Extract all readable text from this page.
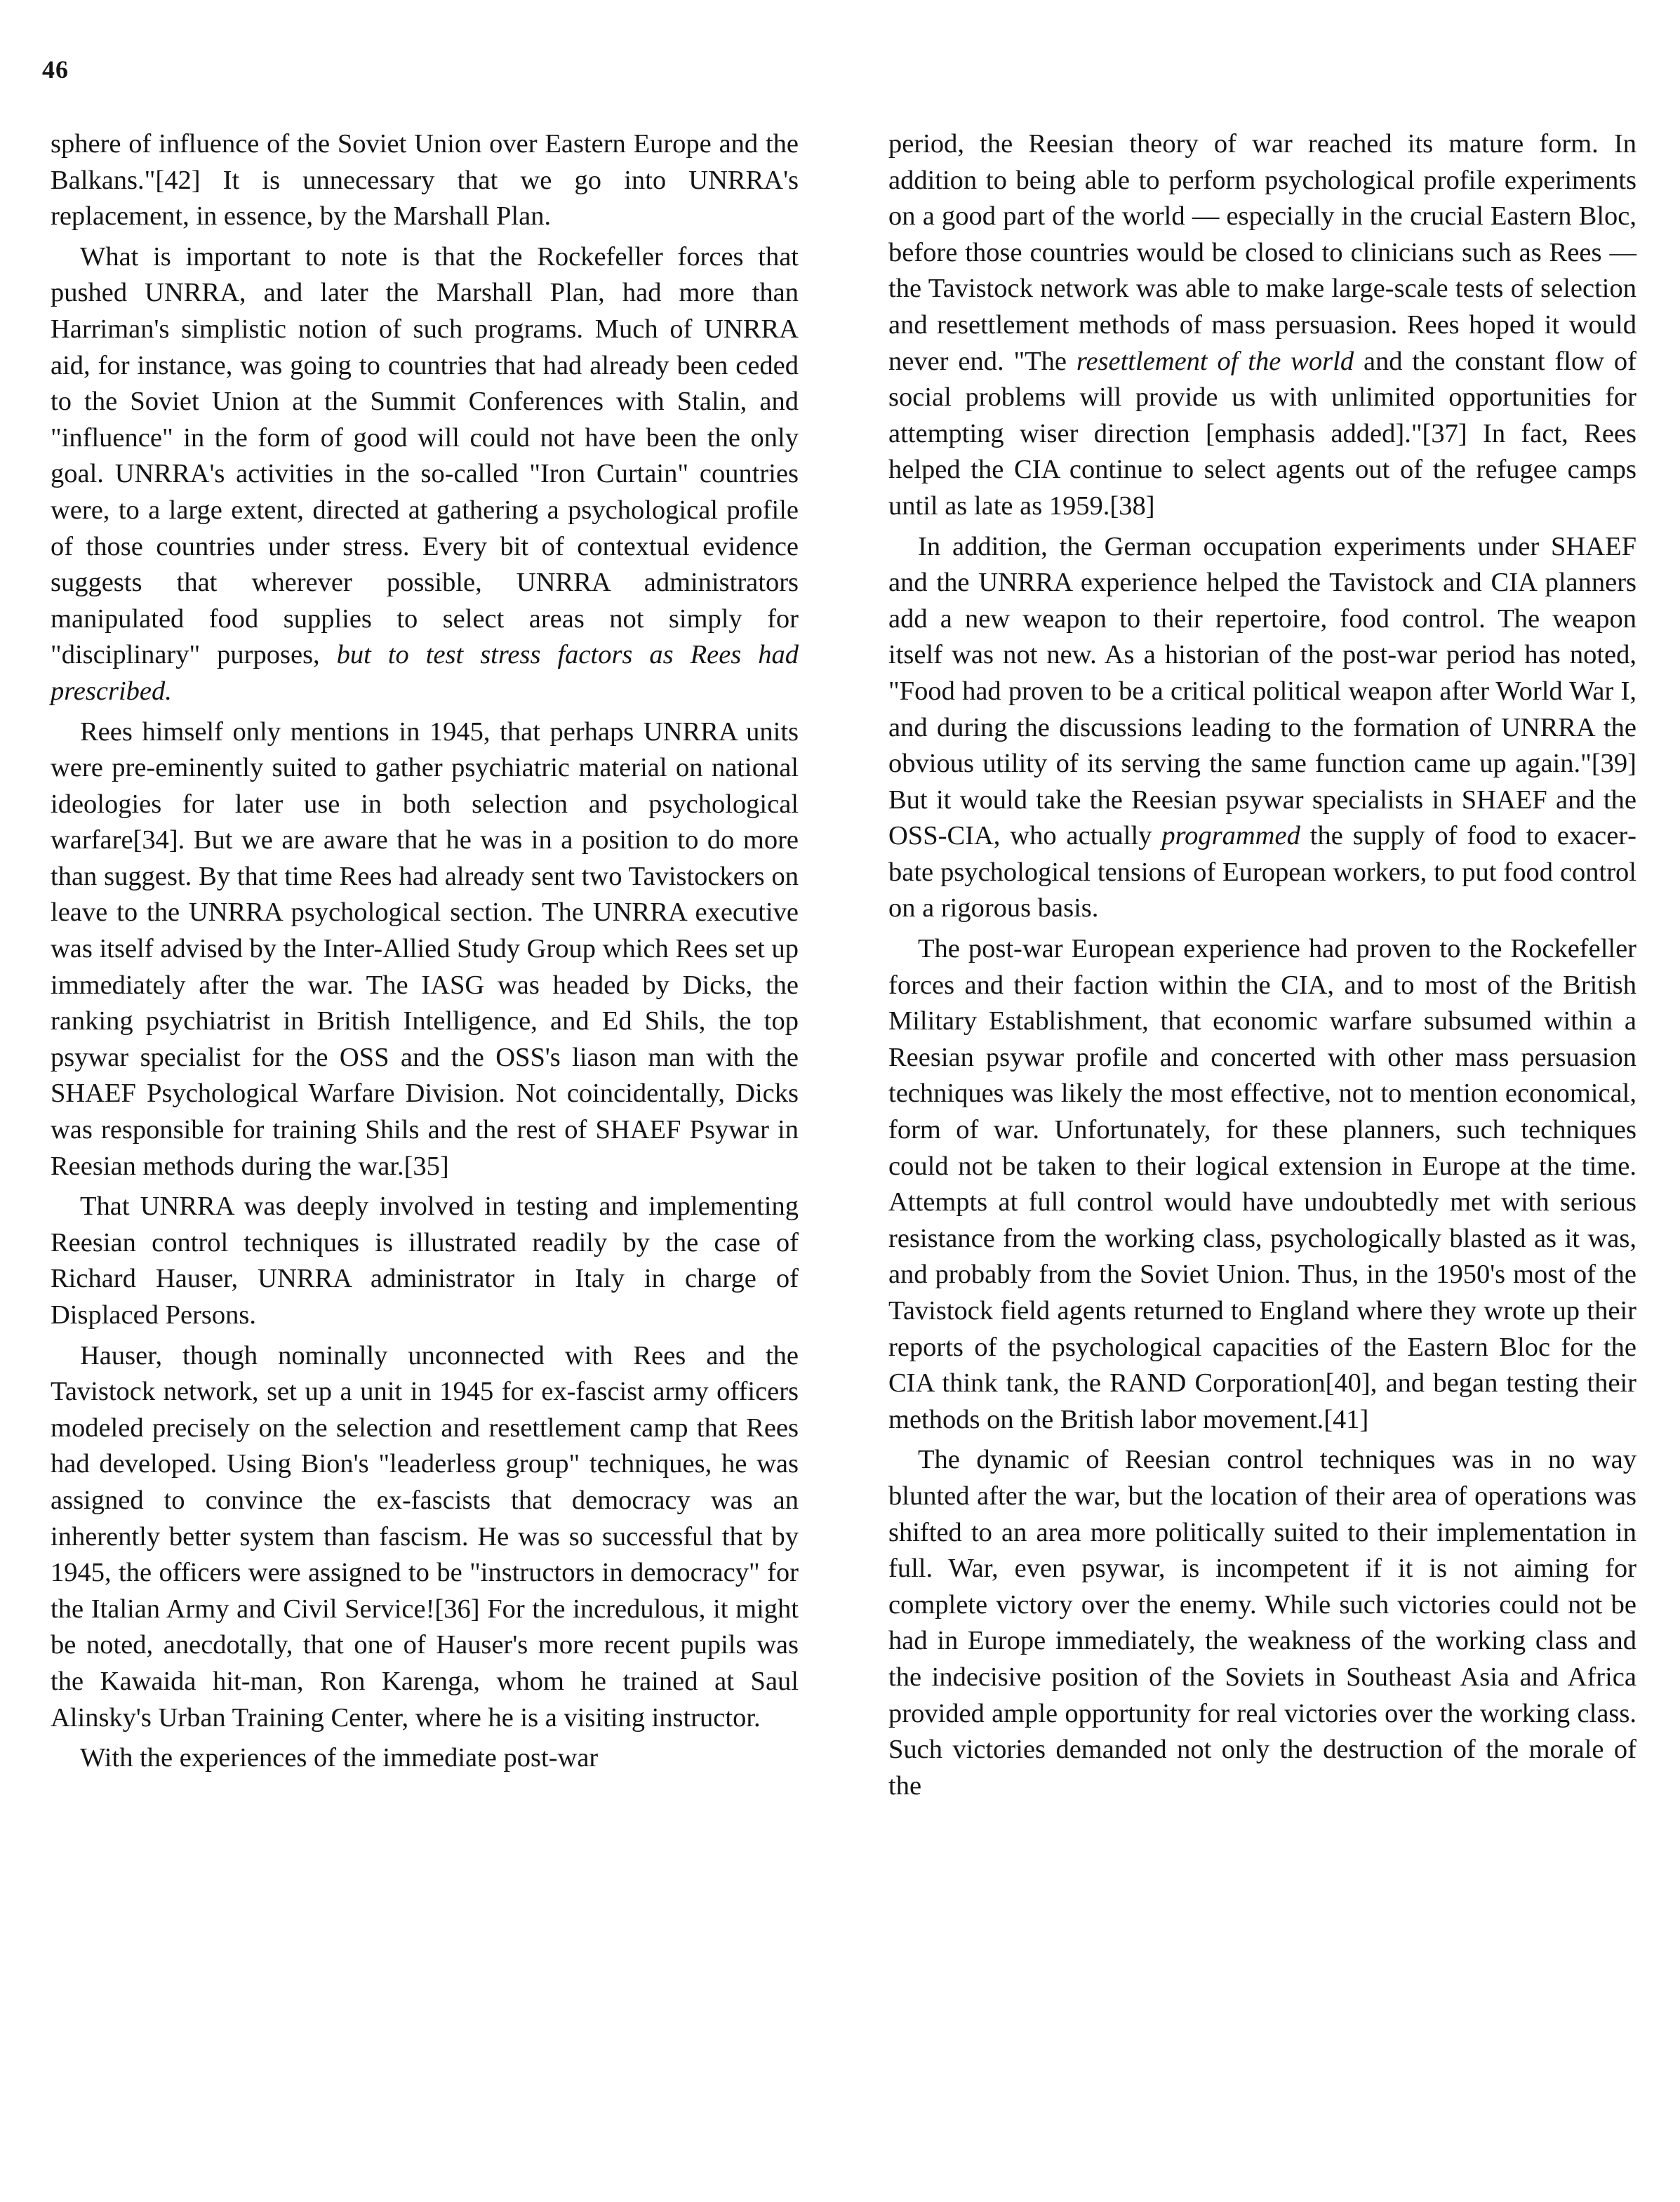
46

sphere of influence of the Soviet Union over Eastern Europe and the Balkans."[42] It is unnecessary that we go into UNRRA's replacement, in essence, by the Marshall Plan.

What is important to note is that the Rockefeller forces that pushed UNRRA, and later the Marshall Plan, had more than Harriman's simplistic notion of such programs. Much of UNRRA aid, for instance, was going to countries that had already been ceded to the Soviet Union at the Summit Conferences with Stalin, and "influence" in the form of good will could not have been the only goal. UNRRA's activities in the so-called "Iron Curtain" countries were, to a large extent, directed at gathering a psychological profile of those countries under stress. Every bit of contextual evidence suggests that wherever possible, UNRRA administrators manipulated food supplies to select areas not simply for "disciplinary" purposes, but to test stress factors as Rees had prescribed.

Rees himself only mentions in 1945, that perhaps UNRRA units were pre-eminently suited to gather psychiatric material on national ideologies for later use in both selection and psychological warfare[34]. But we are aware that he was in a position to do more than suggest. By that time Rees had already sent two Tavistockers on leave to the UNRRA psychological section. The UNRRA executive was itself advised by the Inter-Allied Study Group which Rees set up immediately after the war. The IASG was headed by Dicks, the ranking psychiatrist in British Intelligence, and Ed Shils, the top psywar specialist for the OSS and the OSS's liason man with the SHAEF Psychological Warfare Division. Not coincidentally, Dicks was responsible for training Shils and the rest of SHAEF Psywar in Reesian methods during the war.[35]

That UNRRA was deeply involved in testing and implementing Reesian control techniques is illustrated readily by the case of Richard Hauser, UNRRA administrator in Italy in charge of Displaced Persons.

Hauser, though nominally unconnected with Rees and the Tavistock network, set up a unit in 1945 for ex-fascist army officers modeled precisely on the selection and resettlement camp that Rees had developed. Using Bion's "leaderless group" techniques, he was assigned to convince the ex-fascists that democracy was an inherently better system than fascism. He was so successful that by 1945, the officers were assigned to be "instructors in democracy" for the Italian Army and Civil Service![36] For the incredulous, it might be noted, anecdotally, that one of Hauser's more recent pupils was the Kawaida hit-man, Ron Karenga, whom he trained at Saul Alinsky's Urban Training Center, where he is a visiting instructor.

With the experiences of the immediate post-war

period, the Reesian theory of war reached its mature form. In addition to being able to perform psychological profile experiments on a good part of the world — especially in the crucial Eastern Bloc, before those countries would be closed to clinicians such as Rees — the Tavistock network was able to make large-scale tests of selection and resettlement methods of mass persuasion. Rees hoped it would never end. "The resettlement of the world and the constant flow of social problems will provide us with unlimited opportunities for attempting wiser direction [emphasis added]."[37] In fact, Rees helped the CIA continue to select agents out of the refugee camps until as late as 1959.[38]

In addition, the German occupation experiments under SHAEF and the UNRRA experience helped the Tavistock and CIA planners add a new weapon to their repertoire, food control. The weapon itself was not new. As a historian of the post-war period has noted, "Food had proven to be a critical political weapon after World War I, and during the discussions leading to the formation of UNRRA the obvious utility of its serving the same function came up again."[39] But it would take the Reesian psywar specialists in SHAEF and the OSS-CIA, who actually programmed the supply of food to exacerbate psychological tensions of European workers, to put food control on a rigorous basis.

The post-war European experience had proven to the Rockefeller forces and their faction within the CIA, and to most of the British Military Establishment, that economic warfare subsumed within a Reesian psywar profile and concerted with other mass persuasion techniques was likely the most effective, not to mention economical, form of war. Unfortunately, for these planners, such techniques could not be taken to their logical extension in Europe at the time. Attempts at full control would have undoubtedly met with serious resistance from the working class, psychologically blasted as it was, and probably from the Soviet Union. Thus, in the 1950's most of the Tavistock field agents returned to England where they wrote up their reports of the psychological capacities of the Eastern Bloc for the CIA think tank, the RAND Corporation[40], and began testing their methods on the British labor movement.[41]

The dynamic of Reesian control techniques was in no way blunted after the war, but the location of their area of operations was shifted to an area more politically suited to their implementation in full. War, even psywar, is incompetent if it is not aiming for complete victory over the enemy. While such victories could not be had in Europe immediately, the weakness of the working class and the indecisive position of the Soviets in Southeast Asia and Africa provided ample opportunity for real victories over the working class. Such victories demanded not only the destruction of the morale of the
